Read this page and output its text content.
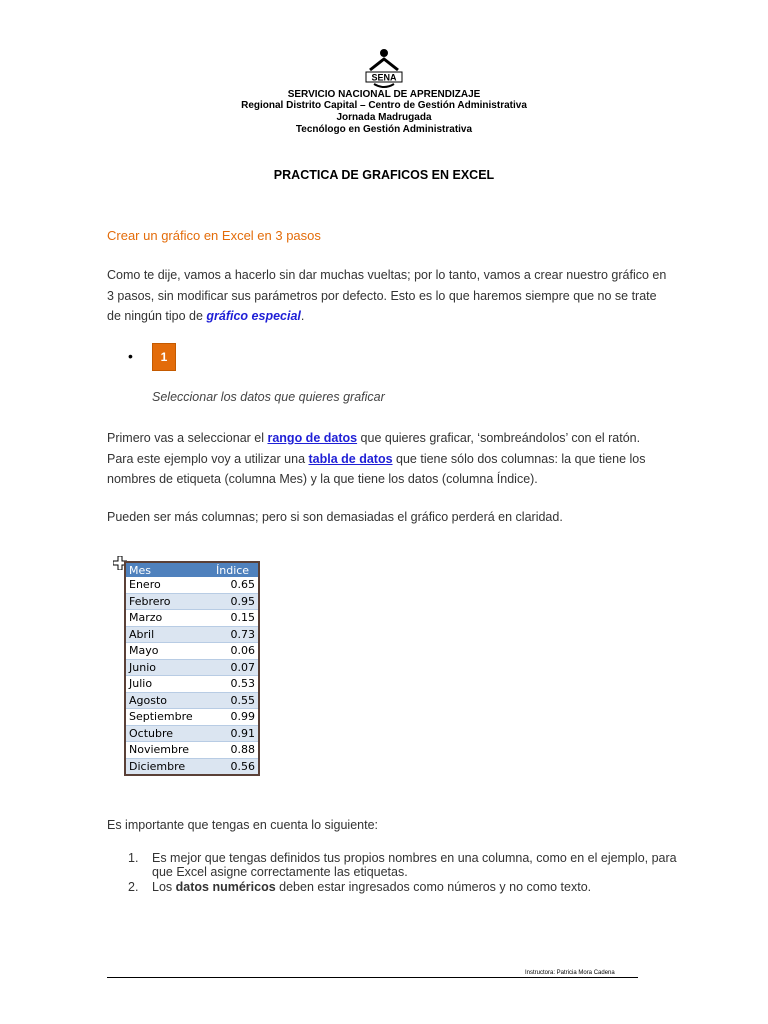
SENA
SERVICIO NACIONAL DE APRENDIZAJE
Regional Distrito Capital – Centro de Gestión Administrativa
Jornada Madrugada
Tecnólogo en Gestión Administrativa
PRACTICA DE GRAFICOS EN EXCEL
Crear un gráfico en Excel en 3 pasos
Como te dije, vamos a hacerlo sin dar muchas vueltas; por lo tanto, vamos a crear nuestro gráfico en 3 pasos, sin modificar sus parámetros por defecto. Esto es lo que haremos siempre que no se trate de ningún tipo de gráfico especial.
•	1
Seleccionar los datos que quieres graficar
Primero vas a seleccionar el rango de datos que quieres graficar, ‘sombreándolos’ con el ratón. Para este ejemplo voy a utilizar una tabla de datos que tiene sólo dos columnas: la que tiene los nombres de etiqueta (columna Mes) y la que tiene los datos (columna Índice).
Pueden ser más columnas; pero si son demasiadas el gráfico perderá en claridad.
Mes	Índice
Enero	0.65
Febrero	0.95
Marzo	0.15
Abril	0.73
Mayo	0.06
Junio	0.07
Julio	0.53
Agosto	0.55
Septiembre	0.99
Octubre	0.91
Noviembre	0.88
Diciembre	0.56
Es importante que tengas en cuenta lo siguiente:
1. Es mejor que tengas definidos tus propios nombres en una columna, como en el ejemplo, para que Excel asigne correctamente las etiquetas.
2. Los datos numéricos deben estar ingresados como números y no como texto.
Instructora: Patricia Mora Cadena
